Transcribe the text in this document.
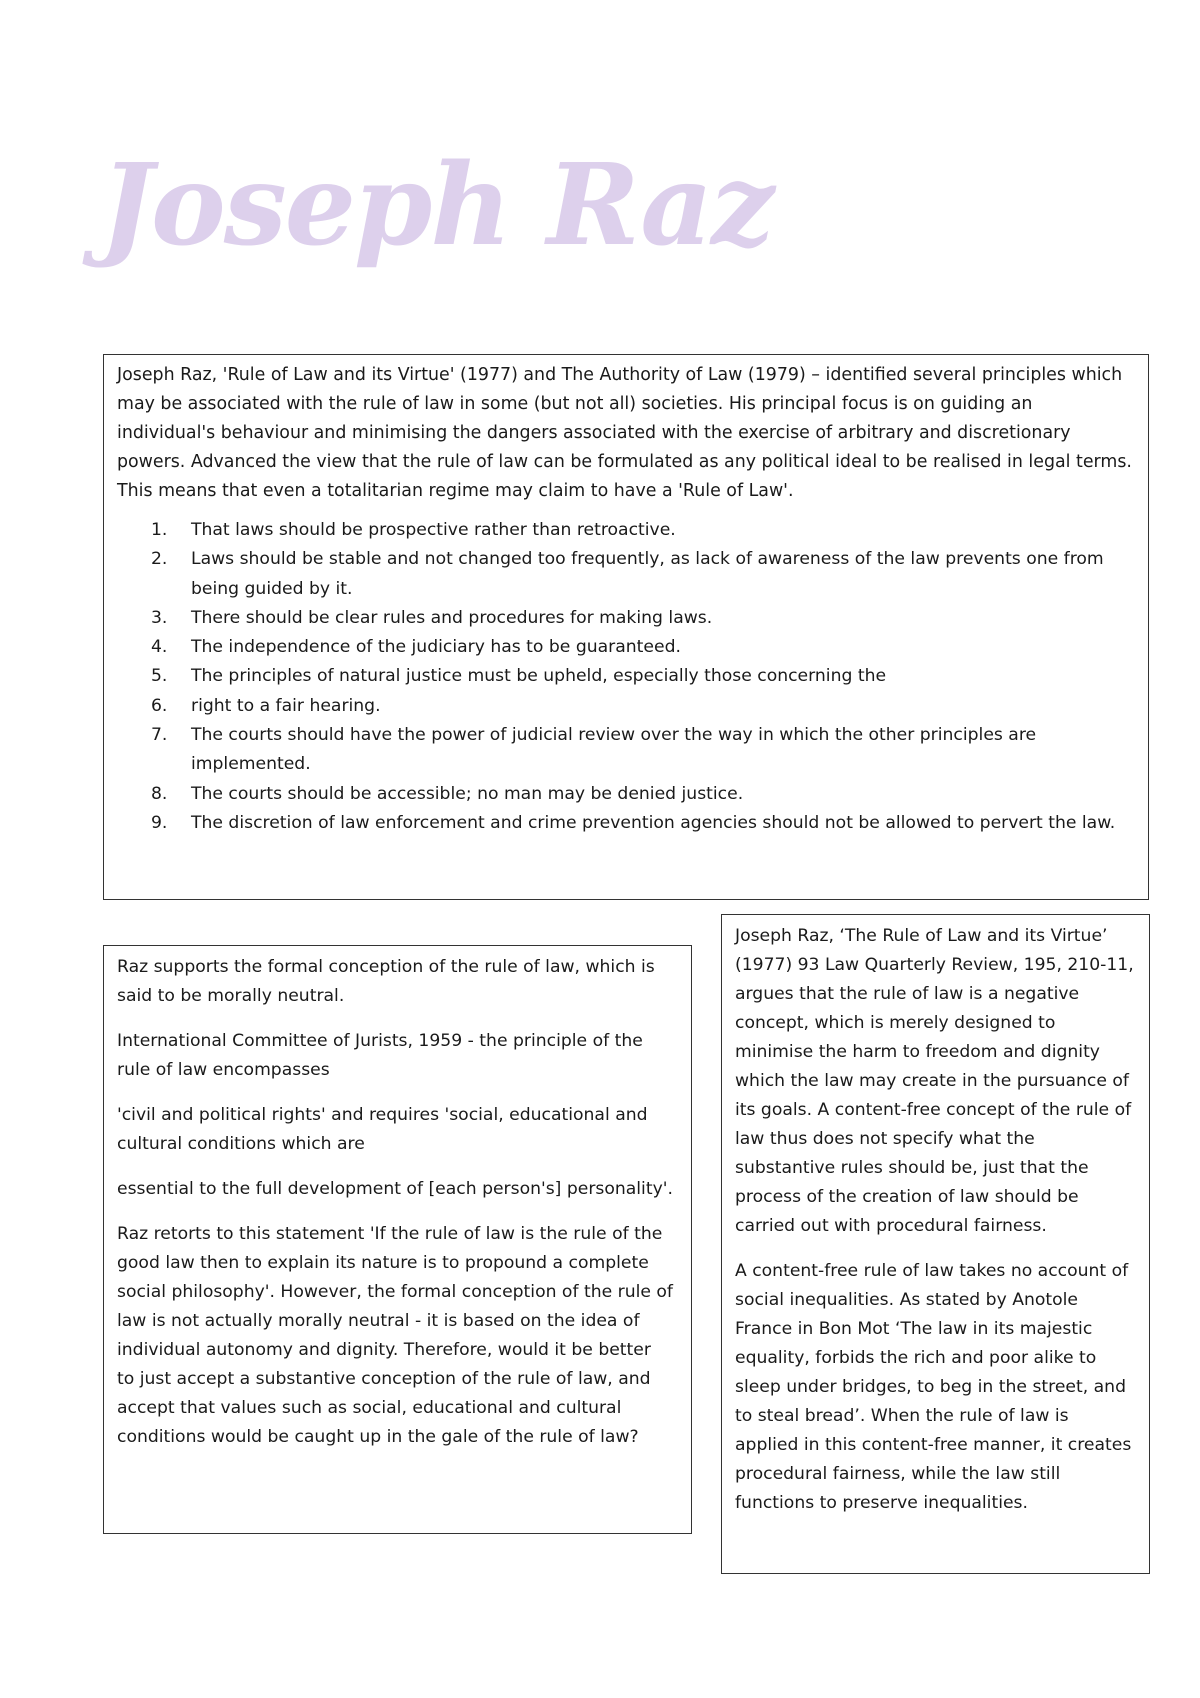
Joseph Raz

Joseph Raz, 'Rule of Law and its Virtue' (1977) and The Authority of Law (1979) – identified several principles which may be associated with the rule of law in some (but not all) societies. His principal focus is on guiding an individual's behaviour and minimising the dangers associated with the exercise of arbitrary and discretionary powers. Advanced the view that the rule of law can be formulated as any political ideal to be realised in legal terms. This means that even a totalitarian regime may claim to have a 'Rule of Law'.

1. That laws should be prospective rather than retroactive.
2. Laws should be stable and not changed too frequently, as lack of awareness of the law prevents one from being guided by it.
3. There should be clear rules and procedures for making laws.
4. The independence of the judiciary has to be guaranteed.
5. The principles of natural justice must be upheld, especially those concerning the
6. right to a fair hearing.
7. The courts should have the power of judicial review over the way in which the other principles are implemented.
8. The courts should be accessible; no man may be denied justice.
9. The discretion of law enforcement and crime prevention agencies should not be allowed to pervert the law.

Raz supports the formal conception of the rule of law, which is said to be morally neutral.

International Committee of Jurists, 1959 - the principle of the rule of law encompasses

'civil and political rights' and requires 'social, educational and cultural conditions which are

essential to the full development of [each person's] personality'.

Raz retorts to this statement 'If the rule of law is the rule of the good law then to explain its nature is to propound a complete social philosophy'. However, the formal conception of the rule of law is not actually morally neutral - it is based on the idea of individual autonomy and dignity. Therefore, would it be better to just accept a substantive conception of the rule of law, and accept that values such as social, educational and cultural conditions would be caught up in the gale of the rule of law?

Joseph Raz, ‘The Rule of Law and its Virtue’ (1977) 93 Law Quarterly Review, 195, 210-11, argues that the rule of law is a negative concept, which is merely designed to minimise the harm to freedom and dignity which the law may create in the pursuance of its goals. A content-free concept of the rule of law thus does not specify what the substantive rules should be, just that the process of the creation of law should be carried out with procedural fairness.

A content-free rule of law takes no account of social inequalities. As stated by Anotole France in Bon Mot ‘The law in its majestic equality, forbids the rich and poor alike to sleep under bridges, to beg in the street, and to steal bread’. When the rule of law is applied in this content-free manner, it creates procedural fairness, while the law still functions to preserve inequalities.
